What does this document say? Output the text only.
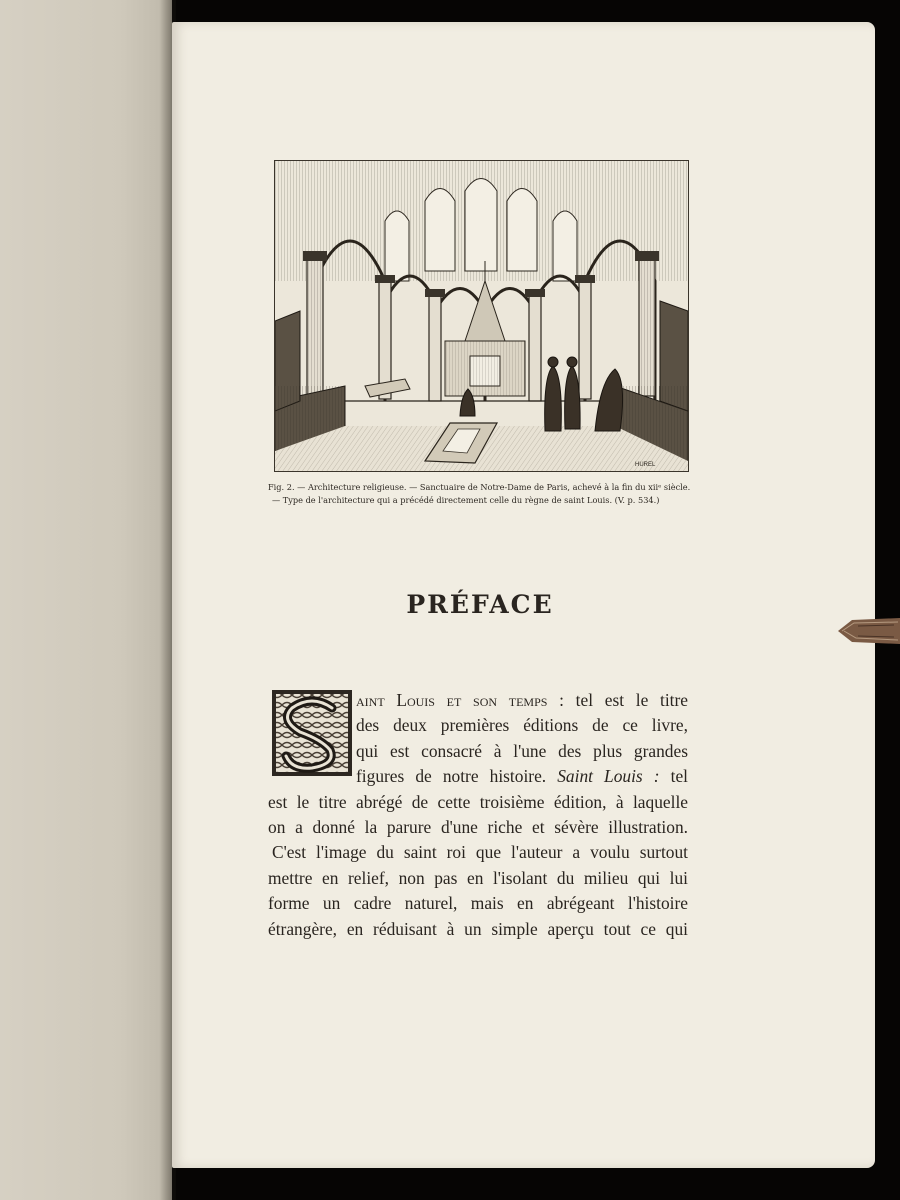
HUREL
Fig. 2. — Architecture religieuse. — Sanctuaire de Notre-Dame de Paris, achevé à la fin du xiiᵉ siècle.
— Type de l'architecture qui a précédé directement celle du règne de saint Louis. (V. p. 534.)
PRÉFACE
aint Louis et son temps : tel est le titre
des deux premières éditions de ce livre,
qui est consacré à l'une des plus grandes
figures de notre histoire. Saint Louis : tel
est le titre abrégé de cette troisième édition, à laquelle
on a donné la parure d'une riche et sévère illustration.
C'est l'image du saint roi que l'auteur a voulu surtout
mettre en relief, non pas en l'isolant du milieu qui lui
forme un cadre naturel, mais en abrégeant l'histoire
étrangère, en réduisant à un simple aperçu tout ce qui
